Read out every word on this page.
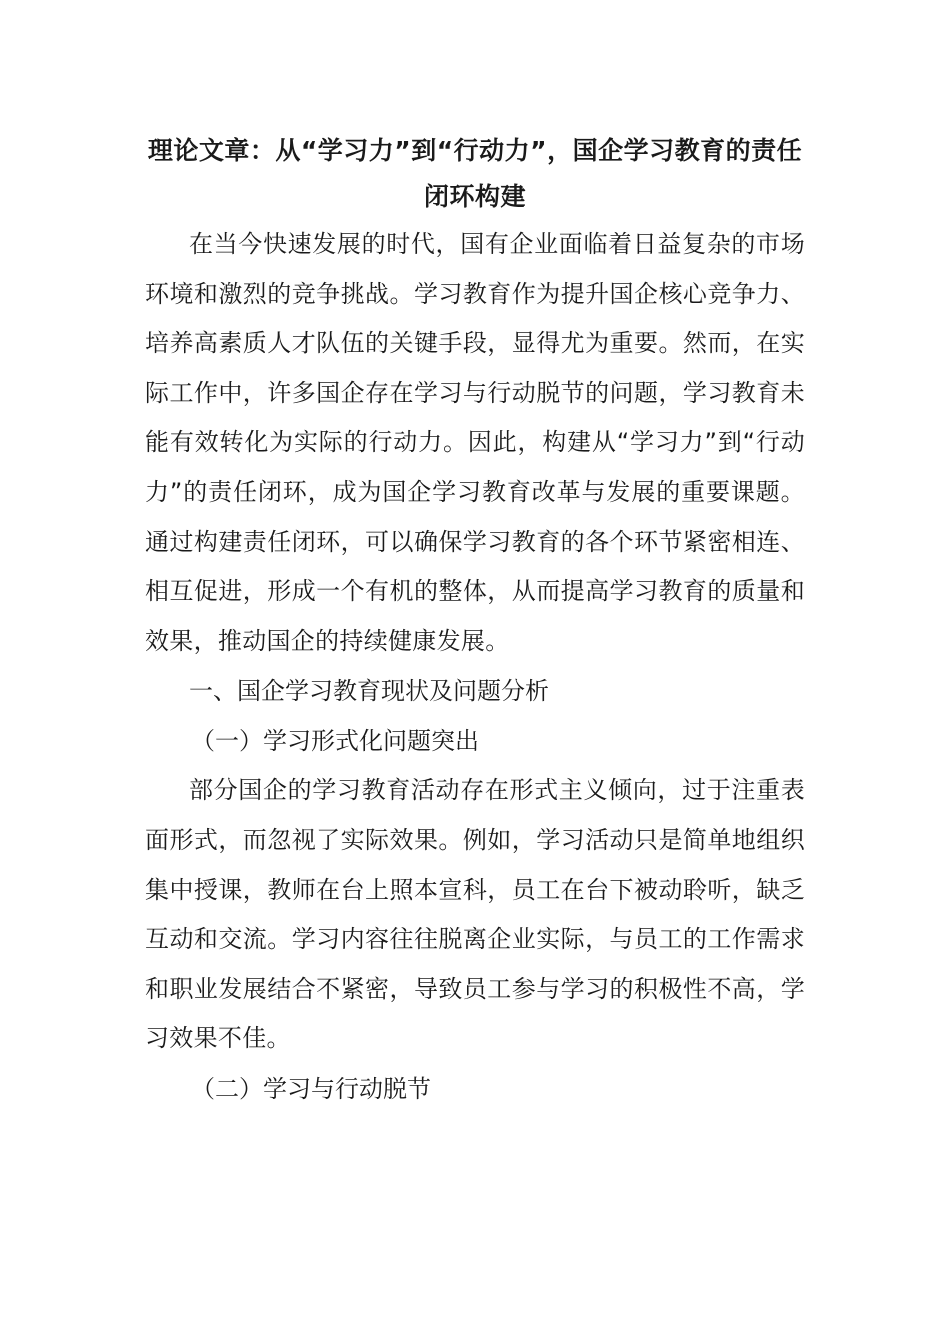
理论文章：从“学习力”到“行动力”，国企学习教育的责任闭环构建

在当今快速发展的时代，国有企业面临着日益复杂的市场环境和激烈的竞争挑战。学习教育作为提升国企核心竞争力、培养高素质人才队伍的关键手段，显得尤为重要。然而，在实际工作中，许多国企存在学习与行动脱节的问题，学习教育未能有效转化为实际的行动力。因此，构建从“学习力”到“行动力”的责任闭环，成为国企学习教育改革与发展的重要课题。通过构建责任闭环，可以确保学习教育的各个环节紧密相连、相互促进，形成一个有机的整体，从而提高学习教育的质量和效果，推动国企的持续健康发展。

一、国企学习教育现状及问题分析

（一）学习形式化问题突出

部分国企的学习教育活动存在形式主义倾向，过于注重表面形式，而忽视了实际效果。例如，学习活动只是简单地组织集中授课，教师在台上照本宣科，员工在台下被动聆听，缺乏互动和交流。学习内容往往脱离企业实际，与员工的工作需求和职业发展结合不紧密，导致员工参与学习的积极性不高，学习效果不佳。

（二）学习与行动脱节
